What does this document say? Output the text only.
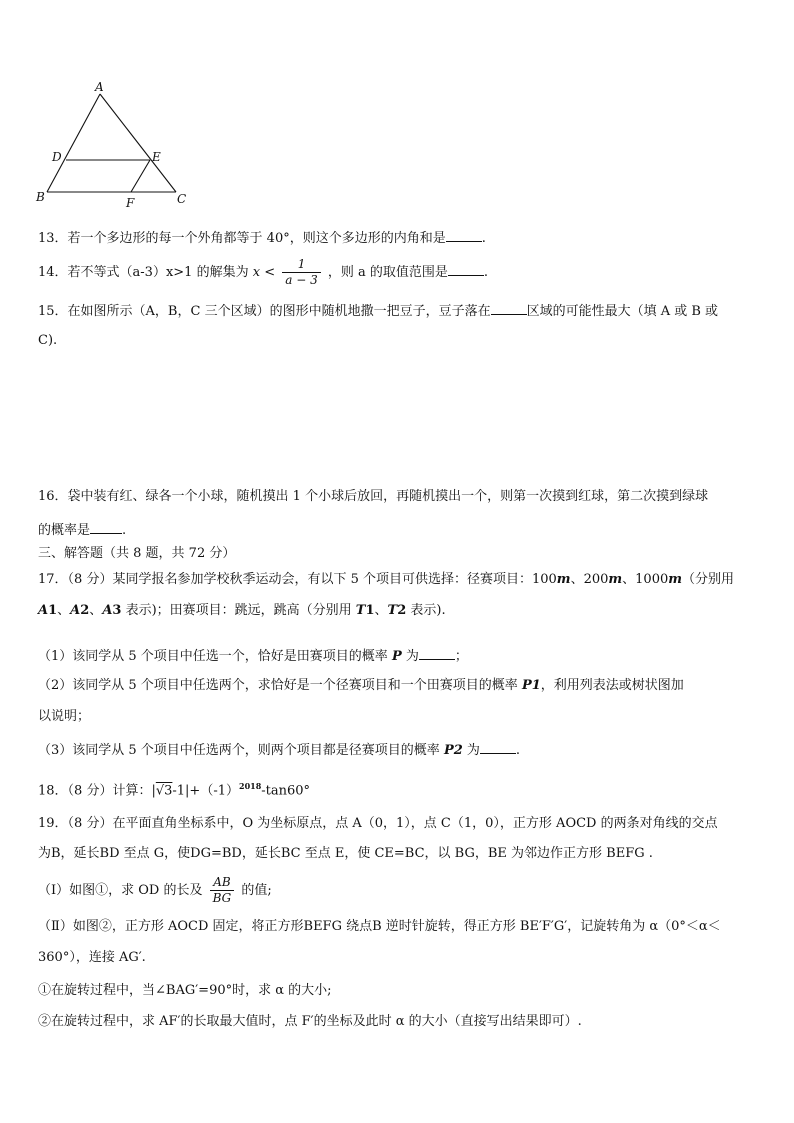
A
D	E
B	F	C
13．若一个多边形的每一个外角都等于 40°，则这个多边形的内角和是	.
14．若不等式（a-3）x>1 的解集为 $x < \frac{1}{a - 3}$ ，则 a 的取值范围是	.
15．在如图所示（A，B，C 三个区域）的图形中随机地撒一把豆子，豆子落在	区域的可能性最大（填 A 或 B 或
C).
16．袋中装有红、绿各一个小球，随机摸出 1 个小球后放回，再随机摸出一个，则第一次摸到红球，第二次摸到绿球
的概率是 .
三、解答题（共 8 题，共 72 分）
17．（8 分）某同学报名参加学校秋季运动会，有以下 5 个项目可供选择：径赛项目：100m、200m、1000m（分别用
A1、A2、A3 表示)；田赛项目：跳远，跳高（分别用 T1、T2 表示).
（1）该同学从 5 个项目中任选一个，恰好是田赛项目的概率 P 为	；
（2）该同学从 5 个项目中任选两个，求恰好是一个径赛项目和一个田赛项目的概率 P1，利用列表法或树状图加
以说明；
（3）该同学从 5 个项目中任选两个，则两个项目都是径赛项目的概率 P2 为	.
18．（8 分）计算：$|√3-1|+(-1)^{2018}-\tan 60^\circ$
19．（8 分）在平面直角坐标系中，O 为坐标原点，点 A（0，1），点 C（1，0），正方形 AOCD 的两条对角线的交点
为B，延长BD 至点 G，使DG=BD，延长BC 至点 E，使 CE=BC，以 BG，BE 为邻边作正方形 BEFG .
（Ⅰ）如图①，求 OD 的长及 $\frac{AB}{BG}$ 的值;
（Ⅱ）如图②，正方形 AOCD 固定，将正方形BEFG 绕点B 逆时针旋转，得正方形 BE′F′G′，记旋转角为 α（0°＜α＜
360°），连接 AG′.
①在旋转过程中，当∠BAG′=90°时，求 α 的大小;
②在旋转过程中，求 AF′的长取最大值时，点 F′的坐标及此时 α 的大小（直接写出结果即可）.
